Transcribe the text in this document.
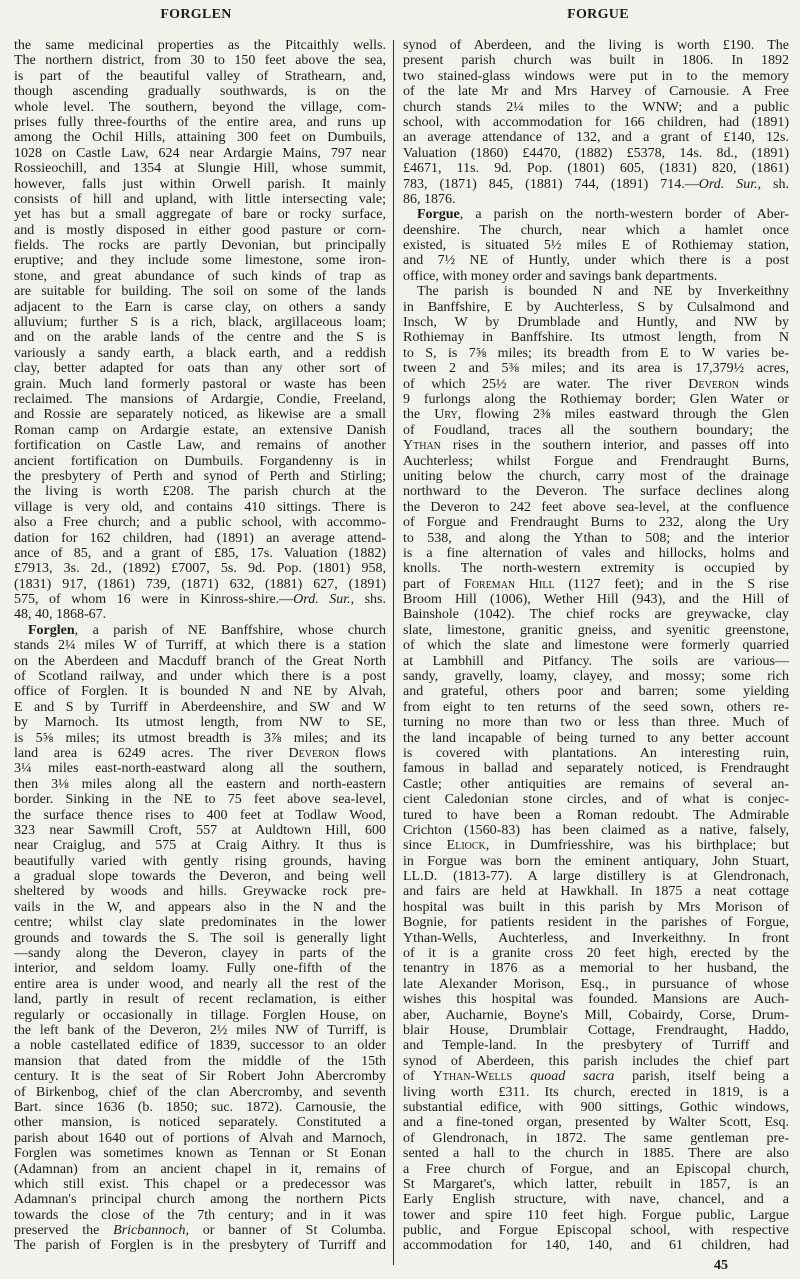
FORGLEN	FORGUE
the same medicinal properties as the Pitcaithly wells.
The northern district, from 30 to 150 feet above the sea,
is part of the beautiful valley of Strathearn, and,
though ascending gradually southwards, is on the
whole level. The southern, beyond the village, com-
prises fully three-fourths of the entire area, and runs up
among the Ochil Hills, attaining 300 feet on Dumbuils,
1028 on Castle Law, 624 near Ardargie Mains, 797 near
Rossieochill, and 1354 at Slungie Hill, whose summit,
however, falls just within Orwell parish. It mainly
consists of hill and upland, with little intersecting vale;
yet has but a small aggregate of bare or rocky surface,
and is mostly disposed in either good pasture or corn-
fields. The rocks are partly Devonian, but principally
eruptive; and they include some limestone, some iron-
stone, and great abundance of such kinds of trap as
are suitable for building. The soil on some of the lands
adjacent to the Earn is carse clay, on others a sandy
alluvium; further S is a rich, black, argillaceous loam;
and on the arable lands of the centre and the S is
variously a sandy earth, a black earth, and a reddish
clay, better adapted for oats than any other sort of
grain. Much land formerly pastoral or waste has been
reclaimed. The mansions of Ardargie, Condie, Freeland,
and Rossie are separately noticed, as likewise are a small
Roman camp on Ardargie estate, an extensive Danish
fortification on Castle Law, and remains of another
ancient fortification on Dumbuils. Forgandenny is in
the presbytery of Perth and synod of Perth and Stirling;
the living is worth £208. The parish church at the
village is very old, and contains 410 sittings. There is
also a Free church; and a public school, with accommo-
dation for 162 children, had (1891) an average attend-
ance of 85, and a grant of £85, 17s. Valuation (1882)
£7913, 3s. 2d., (1892) £7007, 5s. 9d. Pop. (1801) 958,
(1831) 917, (1861) 739, (1871) 632, (1881) 627, (1891)
575, of whom 16 were in Kinross-shire.—Ord. Sur., shs.
48, 40, 1868-67.
Forglen, a parish of NE Banffshire, whose church
stands 2¼ miles W of Turriff, at which there is a station
on the Aberdeen and Macduff branch of the Great North
of Scotland railway, and under which there is a post
office of Forglen. It is bounded N and NE by Alvah,
E and S by Turriff in Aberdeenshire, and SW and W
by Marnoch. Its utmost length, from NW to SE,
is 5⅝ miles; its utmost breadth is 3⅞ miles; and its
land area is 6249 acres. The river Deveron flows
3¼ miles east-north-eastward along all the southern,
then 3⅛ miles along all the eastern and north-eastern
border. Sinking in the NE to 75 feet above sea-level,
the surface thence rises to 400 feet at Todlaw Wood,
323 near Sawmill Croft, 557 at Auldtown Hill, 600
near Craiglug, and 575 at Craig Aithry. It thus is
beautifully varied with gently rising grounds, having
a gradual slope towards the Deveron, and being well
sheltered by woods and hills. Greywacke rock pre-
vails in the W, and appears also in the N and the
centre; whilst clay slate predominates in the lower
grounds and towards the S. The soil is generally light
—sandy along the Deveron, clayey in parts of the
interior, and seldom loamy. Fully one-fifth of the
entire area is under wood, and nearly all the rest of the
land, partly in result of recent reclamation, is either
regularly or occasionally in tillage. Forglen House, on
the left bank of the Deveron, 2½ miles NW of Turriff, is
a noble castellated edifice of 1839, successor to an older
mansion that dated from the middle of the 15th
century. It is the seat of Sir Robert John Abercromby
of Birkenbog, chief of the clan Abercromby, and seventh
Bart. since 1636 (b. 1850; suc. 1872). Carnousie, the
other mansion, is noticed separately. Constituted a
parish about 1640 out of portions of Alvah and Marnoch,
Forglen was sometimes known as Tennan or St Eonan
(Adamnan) from an ancient chapel in it, remains of
which still exist. This chapel or a predecessor was
Adamnan's principal church among the northern Picts
towards the close of the 7th century; and in it was
preserved the Bricbannoch, or banner of St Columba.
The parish of Forglen is in the presbytery of Turriff and
synod of Aberdeen, and the living is worth £190. The
present parish church was built in 1806. In 1892
two stained-glass windows were put in to the memory
of the late Mr and Mrs Harvey of Carnousie. A Free
church stands 2¼ miles to the WNW; and a public
school, with accommodation for 166 children, had (1891)
an average attendance of 132, and a grant of £140, 12s.
Valuation (1860) £4470, (1882) £5378, 14s. 8d., (1891)
£4671, 11s. 9d. Pop. (1801) 605, (1831) 820, (1861)
783, (1871) 845, (1881) 744, (1891) 714.—Ord. Sur., sh.
86, 1876.
Forgue, a parish on the north-western border of Aber-
deenshire. The church, near which a hamlet once
existed, is situated 5½ miles E of Rothiemay station,
and 7½ NE of Huntly, under which there is a post
office, with money order and savings bank departments.
The parish is bounded N and NE by Inverkeithny
in Banffshire, E by Auchterless, S by Culsalmond and
Insch, W by Drumblade and Huntly, and NW by
Rothiemay in Banffshire. Its utmost length, from N
to S, is 7⅝ miles; its breadth from E to W varies be-
tween 2 and 5⅜ miles; and its area is 17,379½ acres,
of which 25½ are water. The river Deveron winds
9 furlongs along the Rothiemay border; Glen Water or
the Ury, flowing 2⅜ miles eastward through the Glen
of Foudland, traces all the southern boundary; the
Ythan rises in the southern interior, and passes off into
Auchterless; whilst Forgue and Frendraught Burns,
uniting below the church, carry most of the drainage
northward to the Deveron. The surface declines along
the Deveron to 242 feet above sea-level, at the confluence
of Forgue and Frendraught Burns to 232, along the Ury
to 538, and along the Ythan to 508; and the interior
is a fine alternation of vales and hillocks, holms and
knolls. The north-western extremity is occupied by
part of Foreman Hill (1127 feet); and in the S rise
Broom Hill (1006), Wether Hill (943), and the Hill of
Bainshole (1042). The chief rocks are greywacke, clay
slate, limestone, granitic gneiss, and syenitic greenstone,
of which the slate and limestone were formerly quarried
at Lambhill and Pitfancy. The soils are various—
sandy, gravelly, loamy, clayey, and mossy; some rich
and grateful, others poor and barren; some yielding
from eight to ten returns of the seed sown, others re-
turning no more than two or less than three. Much of
the land incapable of being turned to any better account
is covered with plantations. An interesting ruin,
famous in ballad and separately noticed, is Frendraught
Castle; other antiquities are remains of several an-
cient Caledonian stone circles, and of what is conjec-
tured to have been a Roman redoubt. The Admirable
Crichton (1560-83) has been claimed as a native, falsely,
since Eliock, in Dumfriesshire, was his birthplace; but
in Forgue was born the eminent antiquary, John Stuart,
LL.D. (1813-77). A large distillery is at Glendronach,
and fairs are held at Hawkhall. In 1875 a neat cottage
hospital was built in this parish by Mrs Morison of
Bognie, for patients resident in the parishes of Forgue,
Ythan-Wells, Auchterless, and Inverkeithny. In front
of it is a granite cross 20 feet high, erected by the
tenantry in 1876 as a memorial to her husband, the
late Alexander Morison, Esq., in pursuance of whose
wishes this hospital was founded. Mansions are Auch-
aber, Aucharnie, Boyne's Mill, Cobairdy, Corse, Drum-
blair House, Drumblair Cottage, Frendraught, Haddo,
and Temple-land. In the presbytery of Turriff and
synod of Aberdeen, this parish includes the chief part
of Ythan-Wells quoad sacra parish, itself being a
living worth £311. Its church, erected in 1819, is a
substantial edifice, with 900 sittings, Gothic windows,
and a fine-toned organ, presented by Walter Scott, Esq.
of Glendronach, in 1872. The same gentleman pre-
sented a hall to the church in 1885. There are also
a Free church of Forgue, and an Episcopal church,
St Margaret's, which latter, rebuilt in 1857, is an
Early English structure, with nave, chancel, and a
tower and spire 110 feet high. Forgue public, Largue
public, and Forgue Episcopal school, with respective
accommodation for 140, 140, and 61 children, had
45
